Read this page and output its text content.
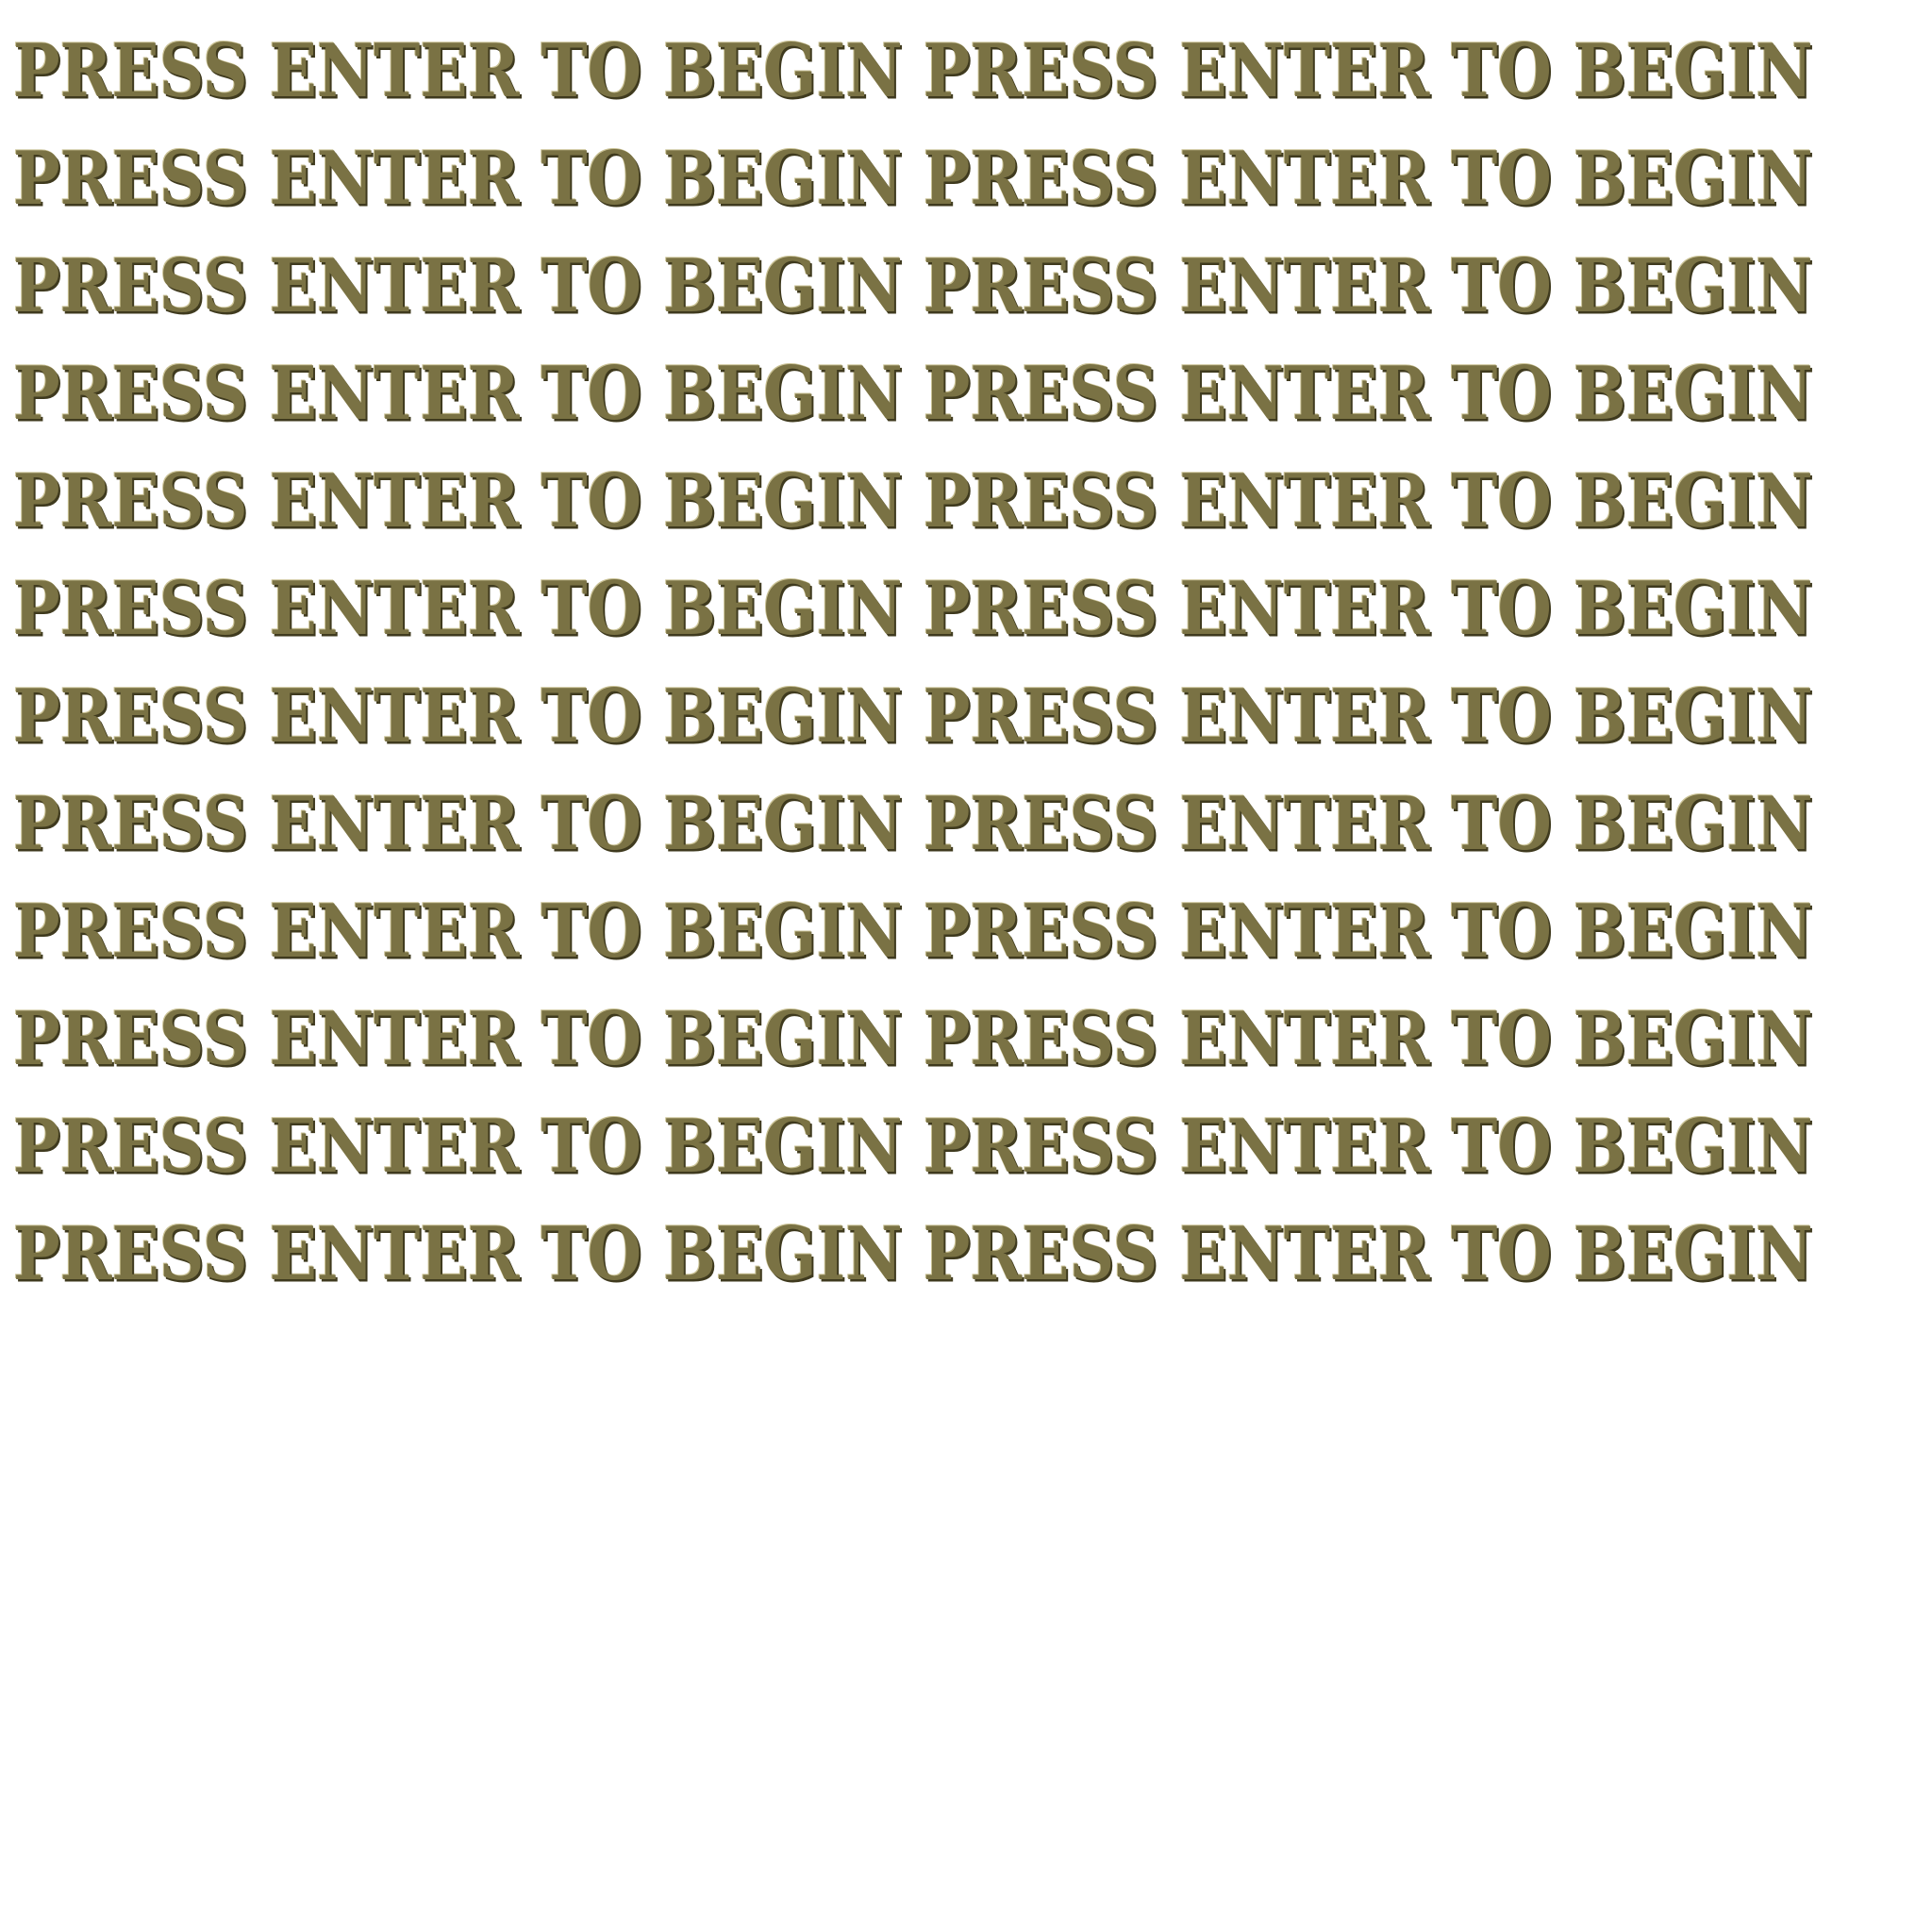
PRESS ENTER TO BEGIN PRESS ENTER TO BEGIN
PRESS ENTER TO BEGIN PRESS ENTER TO BEGIN
PRESS ENTER TO BEGIN PRESS ENTER TO BEGIN
PRESS ENTER TO BEGIN PRESS ENTER TO BEGIN
PRESS ENTER TO BEGIN PRESS ENTER TO BEGIN
PRESS ENTER TO BEGIN PRESS ENTER TO BEGIN
PRESS ENTER TO BEGIN PRESS ENTER TO BEGIN
PRESS ENTER TO BEGIN PRESS ENTER TO BEGIN
PRESS ENTER TO BEGIN PRESS ENTER TO BEGIN
PRESS ENTER TO BEGIN PRESS ENTER TO BEGIN
PRESS ENTER TO BEGIN PRESS ENTER TO BEGIN
PRESS ENTER TO BEGIN PRESS ENTER TO BEGIN
